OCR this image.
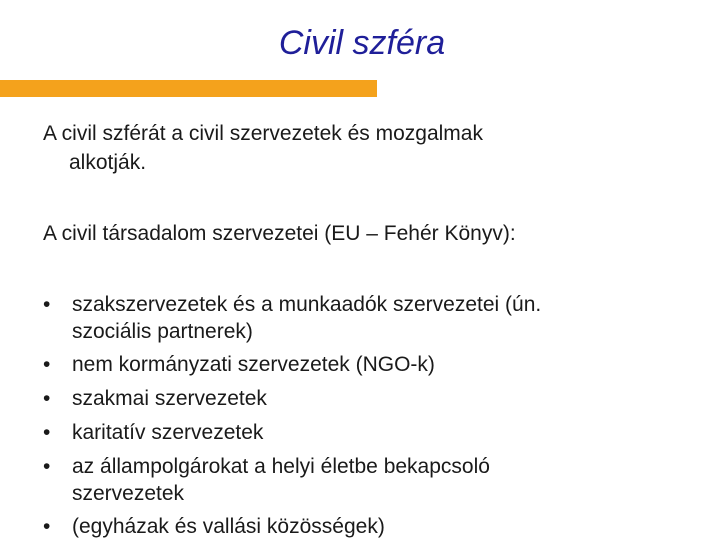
Civil szféra
A civil szférát a civil szervezetek és mozgalmak
alkotják.
A civil társadalom szervezetei (EU – Fehér Könyv):
•	szakszervezetek és a munkaadók szervezetei (ún.
szociális partnerek)
•	nem kormányzati szervezetek (NGO-k)
•	szakmai szervezetek
•	karitatív szervezetek
•	az állampolgárokat a helyi életbe bekapcsoló
szervezetek
•	(egyházak és vallási közösségek)
